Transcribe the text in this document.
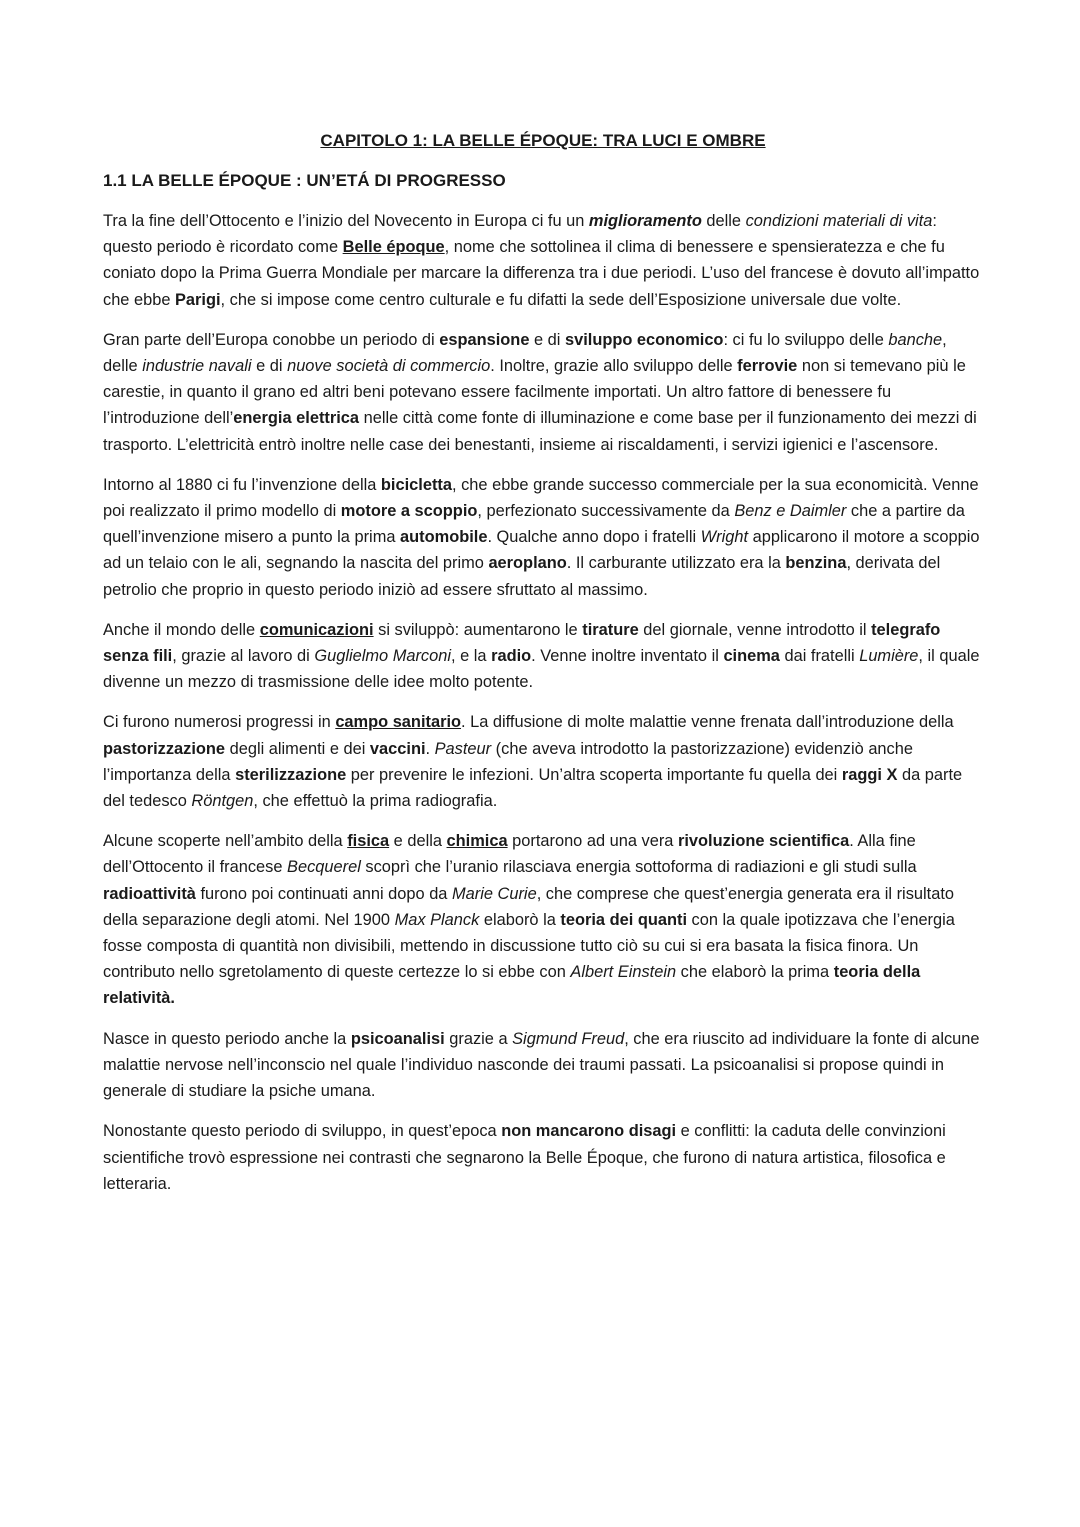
CAPITOLO 1: LA BELLE ÉPOQUE: TRA LUCI E OMBRE
1.1 LA BELLE ÉPOQUE : UN’ETÁ DI PROGRESSO

Tra la fine dell’Ottocento e l’inizio del Novecento in Europa ci fu un miglioramento delle condizioni materiali di vita: questo periodo è ricordato come Belle époque, nome che sottolinea il clima di benessere e spensieratezza e che fu coniato dopo la Prima Guerra Mondiale per marcare la differenza tra i due periodi. L’uso del francese è dovuto all’impatto che ebbe Parigi, che si impose come centro culturale e fu difatti la sede dell’Esposizione universale due volte.

Gran parte dell’Europa conobbe un periodo di espansione e di sviluppo economico: ci fu lo sviluppo delle banche, delle industrie navali e di nuove società di commercio. Inoltre, grazie allo sviluppo delle ferrovie non si temevano più le carestie, in quanto il grano ed altri beni potevano essere facilmente importati. Un altro fattore di benessere fu l’introduzione dell’energia elettrica nelle città come fonte di illuminazione e come base per il funzionamento dei mezzi di trasporto. L’elettricità entrò inoltre nelle case dei benestanti, insieme ai riscaldamenti, i servizi igienici e l’ascensore.

Intorno al 1880 ci fu l’invenzione della bicicletta, che ebbe grande successo commerciale per la sua economicità. Venne poi realizzato il primo modello di motore a scoppio, perfezionato successivamente da Benz e Daimler che a partire da quell’invenzione misero a punto la prima automobile. Qualche anno dopo i fratelli Wright applicarono il motore a scoppio ad un telaio con le ali, segnando la nascita del primo aeroplano. Il carburante utilizzato era la benzina, derivata del petrolio che proprio in questo periodo iniziò ad essere sfruttato al massimo.

Anche il mondo delle comunicazioni si sviluppò: aumentarono le tirature del giornale, venne introdotto il telegrafo senza fili, grazie al lavoro di Guglielmo Marconi, e la radio. Venne inoltre inventato il cinema dai fratelli Lumière, il quale divenne un mezzo di trasmissione delle idee molto potente.

Ci furono numerosi progressi in campo sanitario. La diffusione di molte malattie venne frenata dall’introduzione della pastorizzazione degli alimenti e dei vaccini. Pasteur (che aveva introdotto la pastorizzazione) evidenziò anche l’importanza della sterilizzazione per prevenire le infezioni. Un’altra scoperta importante fu quella dei raggi X da parte del tedesco Röntgen, che effettuò la prima radiografia.

Alcune scoperte nell’ambito della fisica e della chimica portarono ad una vera rivoluzione scientifica. Alla fine dell’Ottocento il francese Becquerel scoprì che l’uranio rilasciava energia sottoforma di radiazioni e gli studi sulla radioattività furono poi continuati anni dopo da Marie Curie, che comprese che quest’energia generata era il risultato della separazione degli atomi. Nel 1900 Max Planck elaborò la teoria dei quanti con la quale ipotizzava che l’energia fosse composta di quantità non divisibili, mettendo in discussione tutto ciò su cui si era basata la fisica finora. Un contributo nello sgretolamento di queste certezze lo si ebbe con Albert Einstein che elaborò la prima teoria della relatività.

Nasce in questo periodo anche la psicoanalisi grazie a Sigmund Freud, che era riuscito ad individuare la fonte di alcune malattie nervose nell’inconscio nel quale l’individuo nasconde dei traumi passati. La psicoanalisi si propose quindi in generale di studiare la psiche umana.

Nonostante questo periodo di sviluppo, in quest’epoca non mancarono disagi e conflitti: la caduta delle convinzioni scientifiche trovò espressione nei contrasti che segnarono la Belle Époque, che furono di natura artistica, filosofica e letteraria.
